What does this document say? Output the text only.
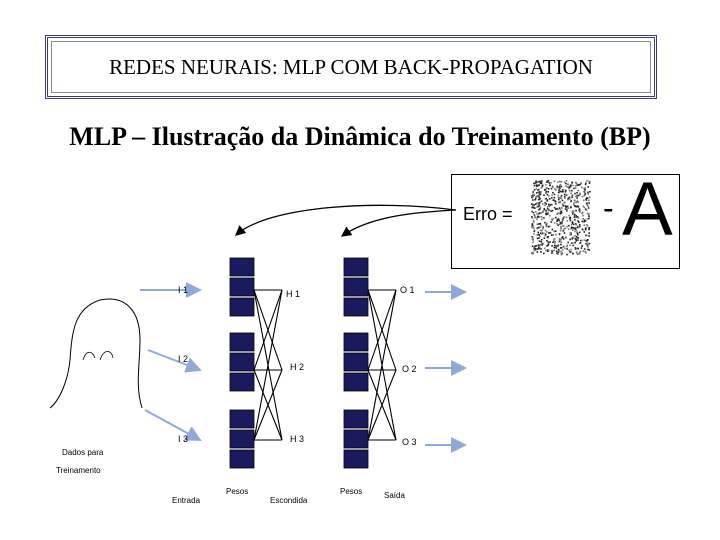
REDES NEURAIS: MLP COM BACK-PROPAGATION
MLP – Ilustração da Dinâmica do Treinamento (BP)
Erro =	- A
I 1
I 2
I 3
H 1
H 2
H 3
O 1
O 2
O 3
Dados para
Treinamento
Entrada
Pesos
Escondida
Pesos	Saída
